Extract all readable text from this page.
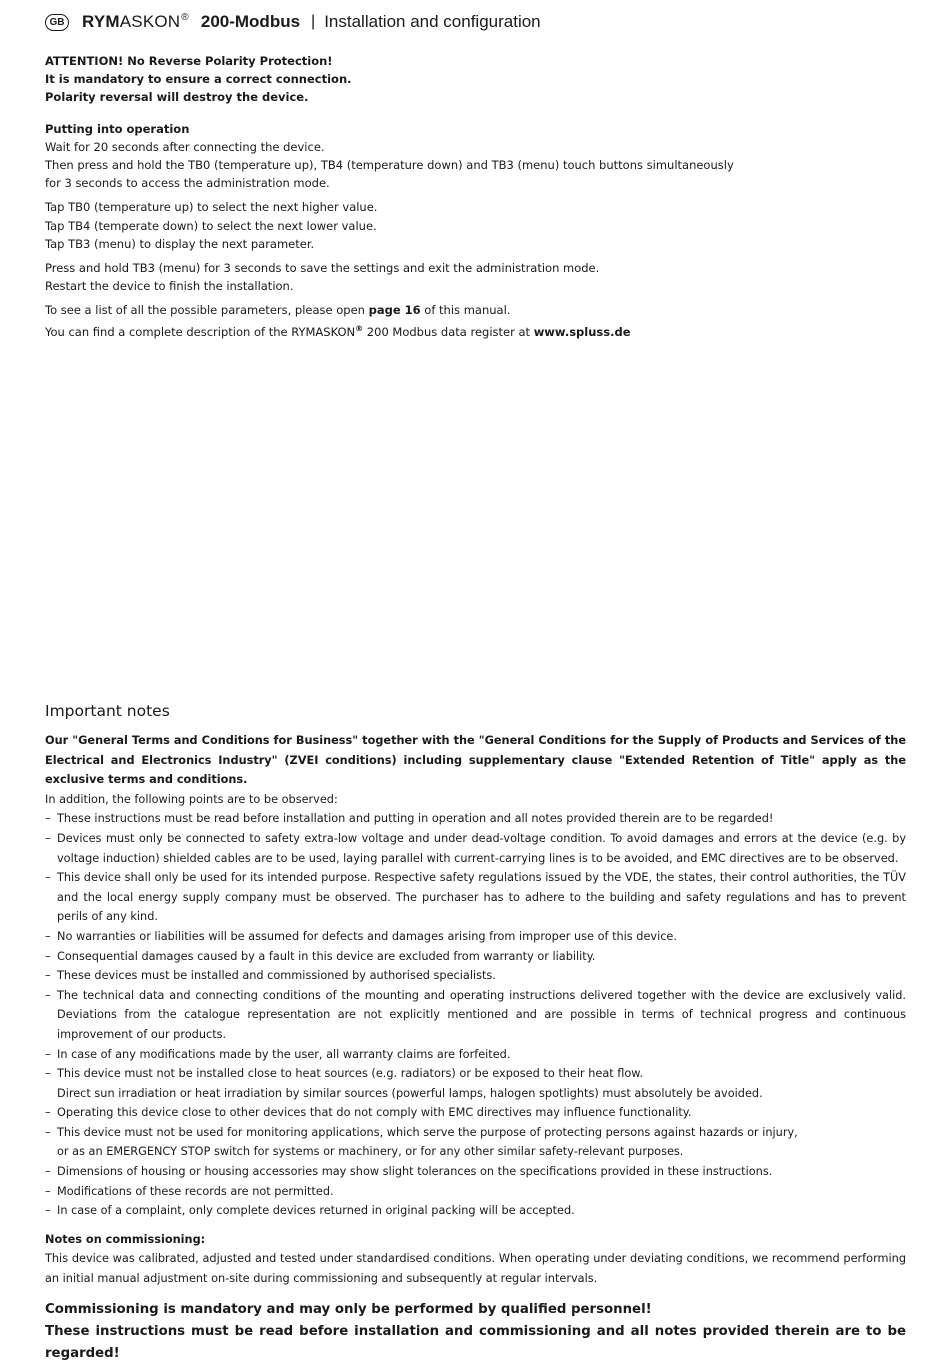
GB RYMASKON® 200-Modbus | Installation and configuration

ATTENTION! No Reverse Polarity Protection!

It is mandatory to ensure a correct connection.

Polarity reversal will destroy the device.

Putting into operation

Wait for 20 seconds after connecting the device.

Then press and hold the TB0 (temperature up), TB4 (temperature down) and TB3 (menu) touch buttons simultaneously

for 3 seconds to access the administration mode.

Tap TB0 (temperature up) to select the next higher value.

Tap TB4 (temperate down) to select the next lower value.

Tap TB3 (menu) to display the next parameter.

Press and hold TB3 (menu) for 3 seconds to save the settings and exit the administration mode.

Restart the device to finish the installation.

To see a list of all the possible parameters, please open page 16 of this manual.

You can find a complete description of the RYMASKON® 200 Modbus data register at www.spluss.de

Important notes

Our "General Terms and Conditions for Business" together with the "General Conditions for the Supply of Products and Services of the Electrical and Electronics Industry" (ZVEI conditions) including supplementary clause "Extended Retention of Title" apply as the exclusive terms and conditions.

In addition, the following points are to be observed:

– These instructions must be read before installation and putting in operation and all notes provided therein are to be regarded!
– Devices must only be connected to safety extra-low voltage and under dead-voltage condition. To avoid damages and errors at the device (e.g. by voltage induction) shielded cables are to be used, laying parallel with current-carrying lines is to be avoided, and EMC directives are to be observed.
– This device shall only be used for its intended purpose. Respective safety regulations issued by the VDE, the states, their control authorities, the TÜV and the local energy supply company must be observed. The purchaser has to adhere to the building and safety regulations and has to prevent perils of any kind.
– No warranties or liabilities will be assumed for defects and damages arising from improper use of this device.
– Consequential damages caused by a fault in this device are excluded from warranty or liability.
– These devices must be installed and commissioned by authorised specialists.
– The technical data and connecting conditions of the mounting and operating instructions delivered together with the device are exclusively valid. Deviations from the catalogue representation are not explicitly mentioned and are possible in terms of technical progress and continuous improvement of our products.
– In case of any modifications made by the user, all warranty claims are forfeited.
– This device must not be installed close to heat sources (e.g. radiators) or be exposed to their heat flow.
Direct sun irradiation or heat irradiation by similar sources (powerful lamps, halogen spotlights) must absolutely be avoided.
– Operating this device close to other devices that do not comply with EMC directives may influence functionality.
– This device must not be used for monitoring applications, which serve the purpose of protecting persons against hazards or injury,
or as an EMERGENCY STOP switch for systems or machinery, or for any other similar safety-relevant purposes.
– Dimensions of housing or housing accessories may show slight tolerances on the specifications provided in these instructions.
– Modifications of these records are not permitted.
– In case of a complaint, only complete devices returned in original packing will be accepted.

Notes on commissioning:

This device was calibrated, adjusted and tested under standardised conditions. When operating under deviating conditions, we recommend performing an initial manual adjustment on-site during commissioning and subsequently at regular intervals.

Commissioning is mandatory and may only be performed by qualified personnel!
These instructions must be read before installation and commissioning and all notes provided therein are to be regarded!
